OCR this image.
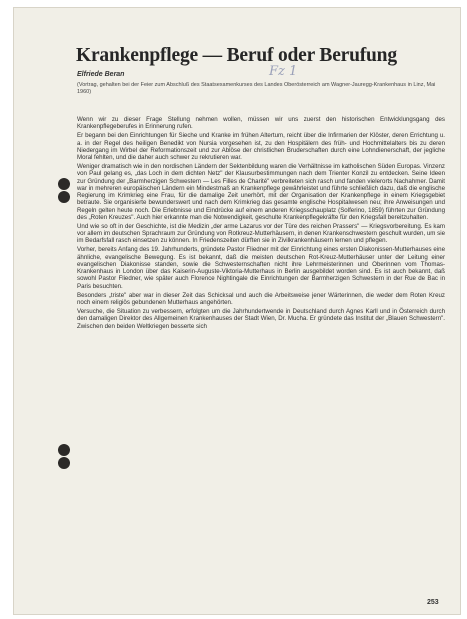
Krankenpflege — Beruf oder Berufung
Fz 1
Elfriede Beran
(Vortrag, gehalten bei der Feier zum Abschluß des Staatsexamenkurses des Landes Oberösterreich am Wagner-Jauregg-Krankenhaus in Linz, Mai 1960)

Wenn wir zu dieser Frage Stellung nehmen wollen, müssen wir uns zuerst den historischen Entwicklungsgang des Krankenpflegeberufes in Erinnerung rufen.

Er begann bei den Einrichtungen für Sieche und Kranke im frühen Altertum, reicht über die Infirmarien der Klöster, deren Errichtung u. a. in der Regel des heiligen Benedikt von Nursia vorgesehen ist, zu den Hospitälern des früh- und Hochmittelalters bis zu deren Niedergang im Wirbel der Reformationszeit und zur Ablöse der christlichen Bruderschaften durch eine Lohndienerschaft, der jegliche Moral fehlten, und die daher auch schwer zu rekrutieren war.

Weniger dramatisch wie in den nordischen Ländern der Sektenbildung waren die Verhältnisse im katholischen Süden Europas. Vinzenz von Paul gelang es, „das Loch in dem dichten Netz" der Klausurbestimmungen nach dem Trienter Konzil zu entdecken. Seine Ideen zur Gründung der „Barmherzigen Schwestern — Les Filles de Charité" verbreiteten sich rasch und fanden vielerorts Nachahmer. Damit war in mehreren europäischen Ländern ein Mindestmaß an Krankenpflege gewährleistet und führte schließlich dazu, daß die englische Regierung im Krimkrieg eine Frau, für die damalige Zeit unerhört, mit der Organisation der Krankenpflege in einem Kriegsgebiet betraute. Sie organisierte bewunderswert und nach dem Krimkrieg das gesamte englische Hospitalwesen neu; ihre Anweisungen und Regeln gelten heute noch. Die Erlebnisse und Eindrücke auf einem anderen Kriegsschauplatz (Solferino, 1859) führten zur Gründung des „Roten Kreuzes". Auch hier erkannte man die Notwendigkeit, geschulte Krankenpflegekräfte für den Kriegsfall bereitzuhalten.

Und wie so oft in der Geschichte, ist die Medizin „der arme Lazarus vor der Türe des reichen Prassers" — Kriegsvorbereitung. Es kam vor allem im deutschen Sprachraum zur Gründung von Rotkreuz-Mutterhäusern, in denen Krankenschwestern geschult wurden, um sie im Bedarfsfall rasch einsetzen zu können. In Friedenszeiten dürften sie in Zivilkrankenhäusern lernen und pflegen.

Vorher, bereits Anfang des 19. Jahrhunderts, gründete Pastor Fliedner mit der Einrichtung eines ersten Diakonissen-Mutterhauses eine ähnliche, evangelische Bewegung. Es ist bekannt, daß die meisten deutschen Rot-Kreuz-Mutterhäuser unter der Leitung einer evangelischen Diakonisse standen, sowie die Schwesternschaften nicht ihre Lehrmeisterinnen und Oberinnen vom Thomas-Krankenhaus in London über das Kaiserin-Auguste-Viktoria-Mutterhaus in Berlin ausgebildet worden sind. Es ist auch bekannt, daß sowohl Pastor Fliedner, wie später auch Florence Nightingale die Einrichtungen der Barmherzigen Schwestern in der Rue de Bac in Paris besuchten.

Besonders „triste" aber war in dieser Zeit das Schicksal und auch die Arbeitsweise jener Wärterinnen, die weder dem Roten Kreuz noch einem religiös gebundenen Mutterhaus angehörten.

Versuche, die Situation zu verbessern, erfolgten um die Jahrhundertwende in Deutschland durch Agnes Karll und in Österreich durch den damaligen Direktor des Allgemeinen Krankenhauses der Stadt Wien, Dr. Mucha. Er gründete das Institut der „Blauen Schwestern". Zwischen den beiden Weltkriegen besserte sich

253
